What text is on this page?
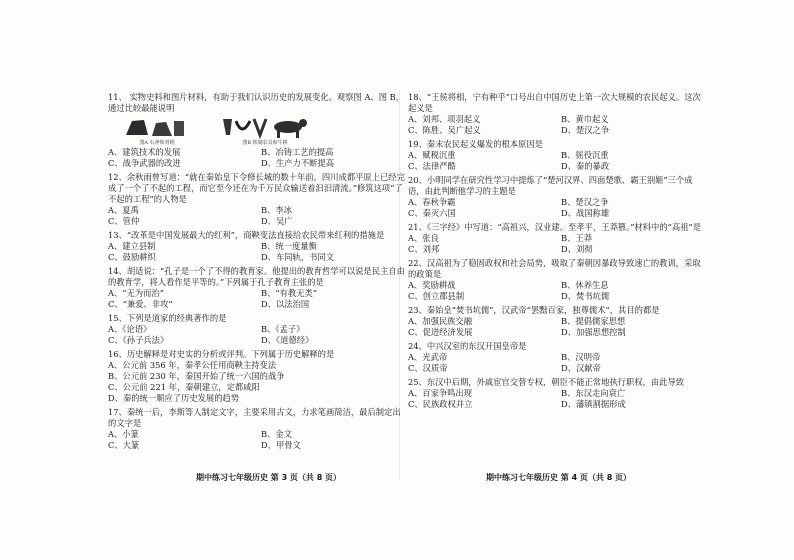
11、 实物史料和图片材料，有助于我们认识历史的发展变化。观察图 A、图 B，通过比较最能说明
图A 石斧和骨耜	图B 铁制农具和牛耕
A、建筑技术的发展	B、冶铸工艺的提高
C、战争武器的改进	D、生产力不断提高
12、余秋雨曾写道：“就在秦始皇下令修长城的数十年前，四川成都平原上已经完成了一个了不起的工程，而它至今还在为千万民众输送着汩汩清流。”修筑这项“了不起的工程”的人物是
A、夏禹	B、李冰
C、管仲	D、吴广
13、“改革是中国发展最大的红利”，商鞅变法直接给农民带来红利的措施是
A、建立县制	B、统一度量衡
C、鼓励耕织	D、车同轨，书同文
14、胡适说：“孔子是一个了不得的教育家。他提出的教育哲学可以说是民主自由的教育学，将人看作是平等的。”下列属于孔子教育主张的是
A、“无为而治”	B、“有教无类”
C、“兼爱、非攻”	D、以法治国
15、下列是道家的经典著作的是
A、《论语》	B、《孟子》
C、《孙子兵法》	D、《道德经》
16、历史解释是对史实的分析或评判。下列属于历史解释的是
A、公元前 356 年，秦孝公任用商鞅主持变法
B、公元前 230 年，秦国开始了统一六国的战争
C、公元前 221 年，秦朝建立，定都咸阳
D、秦的统一顺应了历史发展的趋势
17、秦统一后，李斯等人制定文字，主要采用古文，力求笔画简洁，最后制定出的文字是
A、小篆	B、金文
C、大篆	D、甲骨文
期中练习七年级历史 第 3 页（共 8 页）
18、“王侯将相，宁有种乎”口号出自中国历史上第一次大规模的农民起义。这次起义是
A、刘邦、项羽起义	B、黄巾起义
C、陈胜、吴广起义	D、楚汉之争
19、秦末农民起义爆发的根本原因是
A、赋税沉重	B、徭役沉重
C、法律严酷	D、秦的暴政
20、小明同学在研究性学习中提炼了“楚河汉界、四面楚歌、霸王别姬”三个成语，由此判断他学习的主题是
A、春秋争霸	B、楚汉之争
C、秦灭六国	D、战国称雄
21、《三字经》中写道：“高祖兴，汉业建。至孝平，王莽篡。”材料中的“高祖”是
A、张良	B、王莽
C、刘邦	D、刘彻
22、汉高祖为了稳固政权和社会局势，吸取了秦朝因暴政导致速亡的教训，采取的政策是
A、奖励耕战	B、休养生息
C、创立郡县制	D、焚书坑儒
23、秦始皇“焚书坑儒”，汉武帝“罢黜百家，独尊儒术”，其目的都是
A、加强民族交融	B、提倡儒家思想
C、促进经济发展	D、加强思想控制
24、中兴汉室的东汉开国皇帝是
A、光武帝	B、汉明帝
C、汉质帝	D、汉献帝
25、东汉中后期，外戚宦官交替专权，朝臣不能正常地执行职权，由此导致
A、百家争鸣出现	B、东汉走向衰亡
C、民族政权并立	D、藩镇割据形成
期中练习七年级历史 第 4 页（共 8 页）
